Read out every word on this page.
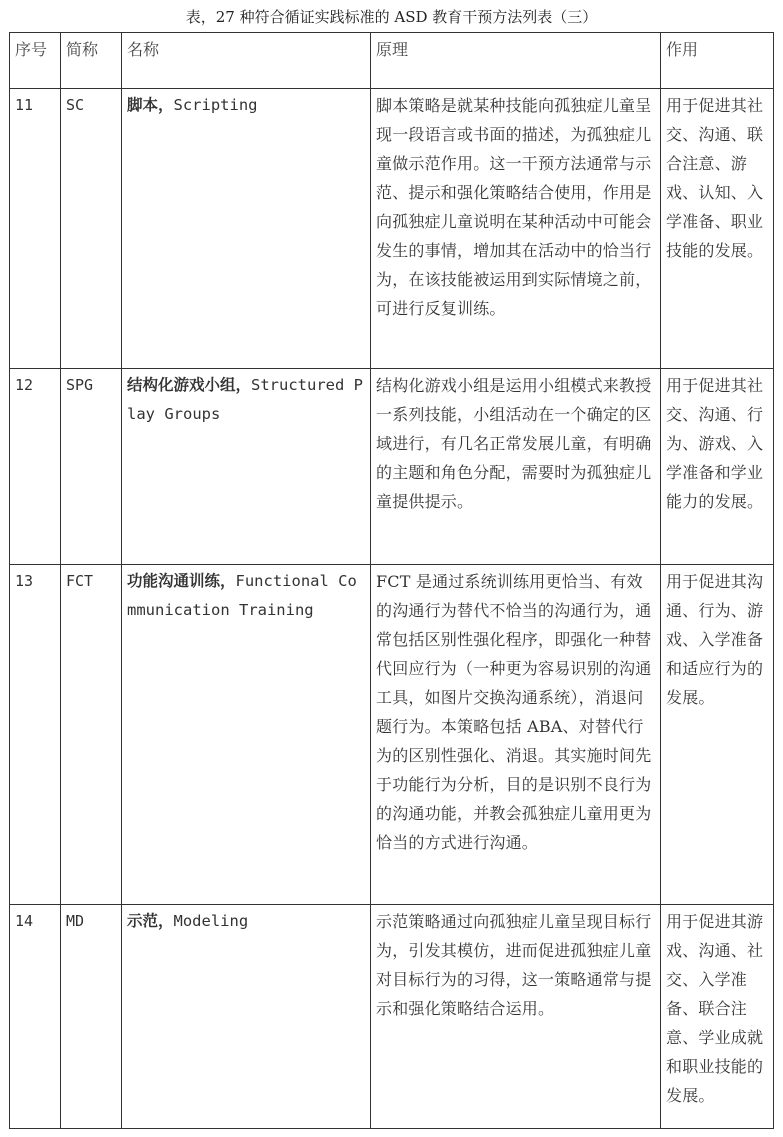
表，27 种符合循证实践标准的 ASD 教育干预方法列表（三）
序号	简称	名称	原理	作用
11	SC	脚本，Scripting	脚本策略是就某种技能向孤独症儿童呈现一段语言或书面的描述，为孤独症儿童做示范作用。这一干预方法通常与示范、提示和强化策略结合使用，作用是向孤独症儿童说明在某种活动中可能会发生的事情，增加其在活动中的恰当行为，在该技能被运用到实际情境之前，可进行反复训练。	用于促进其社交、沟通、联合注意、游戏、认知、入学准备、职业技能的发展。
12	SPG	结构化游戏小组，Structured Play Groups	结构化游戏小组是运用小组模式来教授一系列技能，小组活动在一个确定的区域进行，有几名正常发展儿童，有明确的主题和角色分配，需要时为孤独症儿童提供提示。	用于促进其社交、沟通、行为、游戏、入学准备和学业能力的发展。
13	FCT	功能沟通训练，Functional Communication Training	FCT 是通过系统训练用更恰当、有效的沟通行为替代不恰当的沟通行为，通常包括区别性强化程序，即强化一种替代回应行为（一种更为容易识别的沟通工具，如图片交换沟通系统），消退问题行为。本策略包括 ABA、对替代行为的区别性强化、消退。其实施时间先于功能行为分析，目的是识别不良行为的沟通功能，并教会孤独症儿童用更为恰当的方式进行沟通。	用于促进其沟通、行为、游戏、入学准备和适应行为的发展。
14	MD	示范，Modeling	示范策略通过向孤独症儿童呈现目标行为，引发其模仿，进而促进孤独症儿童对目标行为的习得，这一策略通常与提示和强化策略结合运用。	用于促进其游戏、沟通、社交、入学准备、联合注意、学业成就和职业技能的发展。
